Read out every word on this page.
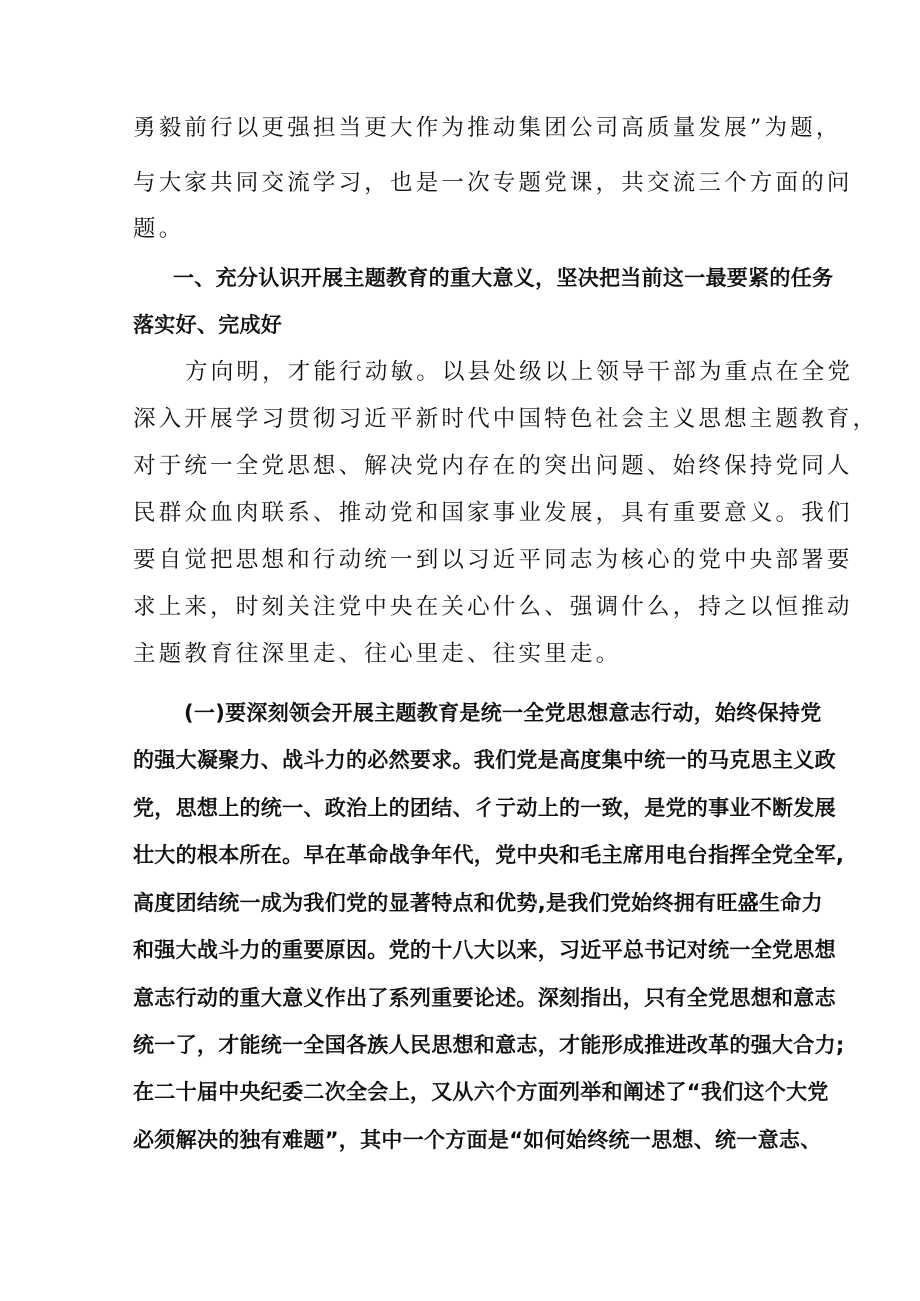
勇毅前行以更强担当更大作为推动集团公司高质量发展”为题，
与大家共同交流学习，也是一次专题党课，共交流三个方面的问
题。
一、充分认识开展主题教育的重大意义，坚决把当前这一最要紧的任务
落实好、完成好
方向明，才能行动敏。以县处级以上领导干部为重点在全党
深入开展学习贯彻习近平新时代中国特色社会主义思想主题教育，
对于统一全党思想、解决党内存在的突出问题、始终保持党同人
民群众血肉联系、推动党和国家事业发展，具有重要意义。我们
要自觉把思想和行动统一到以习近平同志为核心的党中央部署要
求上来，时刻关注党中央在关心什么、强调什么，持之以恒推动
主题教育往深里走、往心里走、往实里走。
(一)要深刻领会开展主题教育是统一全党思想意志行动，始终保持党
的强大凝聚力、战斗力的必然要求。我们党是高度集中统一的马克思主义政
党，思想上的统一、政治上的团结、彳亍动上的一致，是党的事业不断发展
壮大的根本所在。早在革命战争年代，党中央和毛主席用电台指挥全党全军,
高度团结统一成为我们党的显著特点和优势,是我们党始终拥有旺盛生命力
和强大战斗力的重要原因。党的十八大以来，习近平总书记对统一全党思想
意志行动的重大意义作出了系列重要论述。深刻指出，只有全党思想和意志
统一了，才能统一全国各族人民思想和意志，才能形成推进改革的强大合力;
在二十届中央纪委二次全会上，又从六个方面列举和阐述了“我们这个大党
必须解决的独有难题”，其中一个方面是“如何始终统一思想、统一意志、
